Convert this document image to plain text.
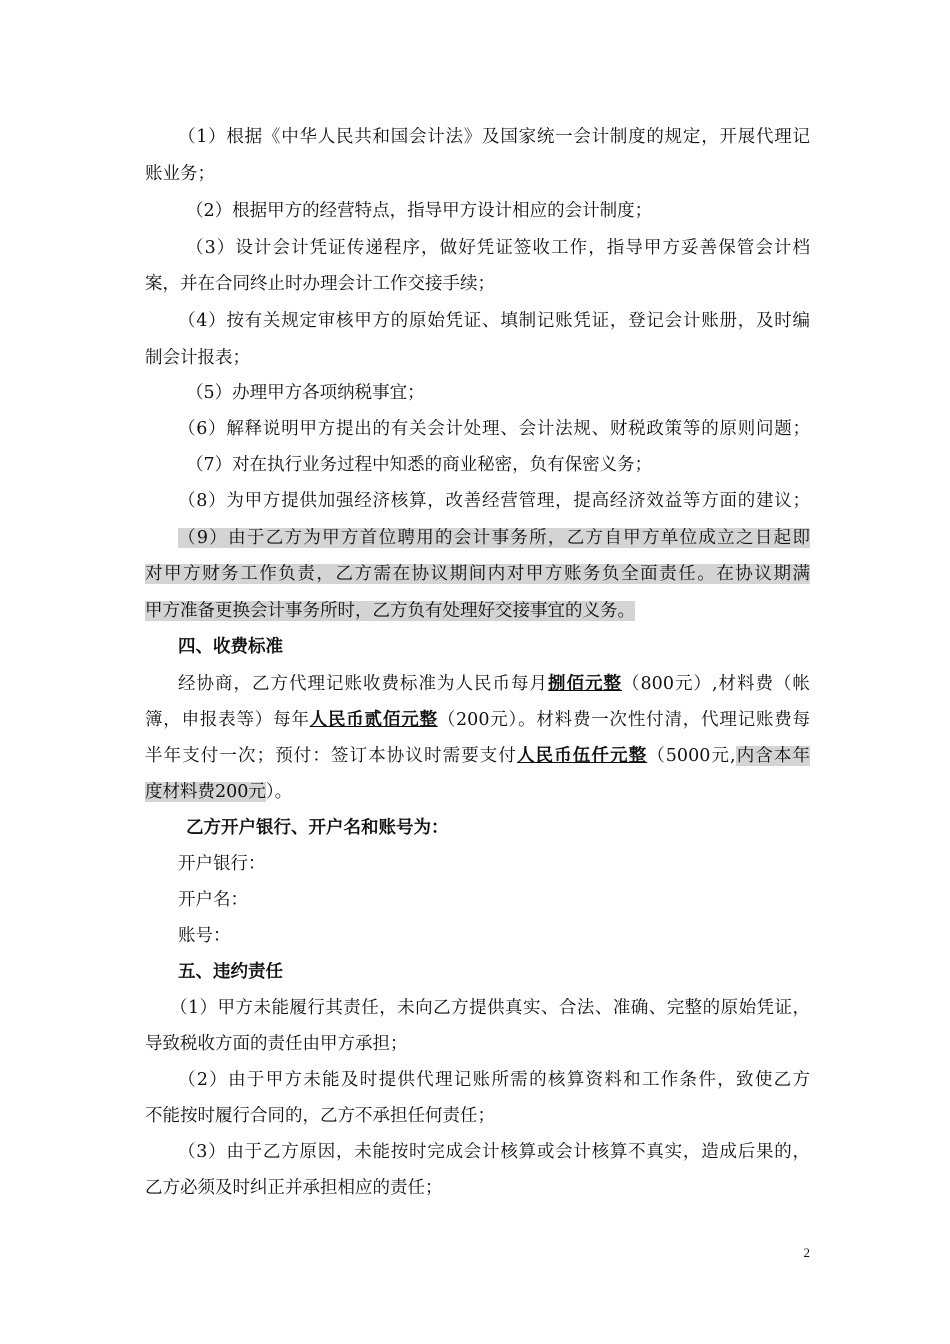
（1）根据《中华人民共和国会计法》及国家统一会计制度的规定，开展代理记
账业务；
（2）根据甲方的经营特点，指导甲方设计相应的会计制度；
（3）设计会计凭证传递程序，做好凭证签收工作，指导甲方妥善保管会计档
案，并在合同终止时办理会计工作交接手续；
（4）按有关规定审核甲方的原始凭证、填制记账凭证，登记会计账册，及时编
制会计报表；
（5）办理甲方各项纳税事宜；
（6）解释说明甲方提出的有关会计处理、会计法规、财税政策等的原则问题；
（7）对在执行业务过程中知悉的商业秘密，负有保密义务；
（8）为甲方提供加强经济核算，改善经营管理，提高经济效益等方面的建议；
（9）由于乙方为甲方首位聘用的会计事务所，乙方自甲方单位成立之日起即
对甲方财务工作负责，乙方需在协议期间内对甲方账务负全面责任。在协议期满
甲方准备更换会计事务所时，乙方负有处理好交接事宜的义务。
四、收费标准
经协商，乙方代理记账收费标准为人民币每月捌佰元整（800元）,材料费（帐
簿，申报表等）每年人民币贰佰元整（200元）。材料费一次性付清，代理记账费每
半年支付一次；预付：签订本协议时需要支付人民币伍仟元整（5000元,内含本年
度材料费200元）。
乙方开户银行、开户名和账号为：
开户银行：
开户名：
账号：
五、违约责任
（1）甲方未能履行其责任，未向乙方提供真实、合法、准确、完整的原始凭证，
导致税收方面的责任由甲方承担；
（2）由于甲方未能及时提供代理记账所需的核算资料和工作条件，致使乙方
不能按时履行合同的，乙方不承担任何责任；
（3）由于乙方原因，未能按时完成会计核算或会计核算不真实，造成后果的，
乙方必须及时纠正并承担相应的责任；
2
